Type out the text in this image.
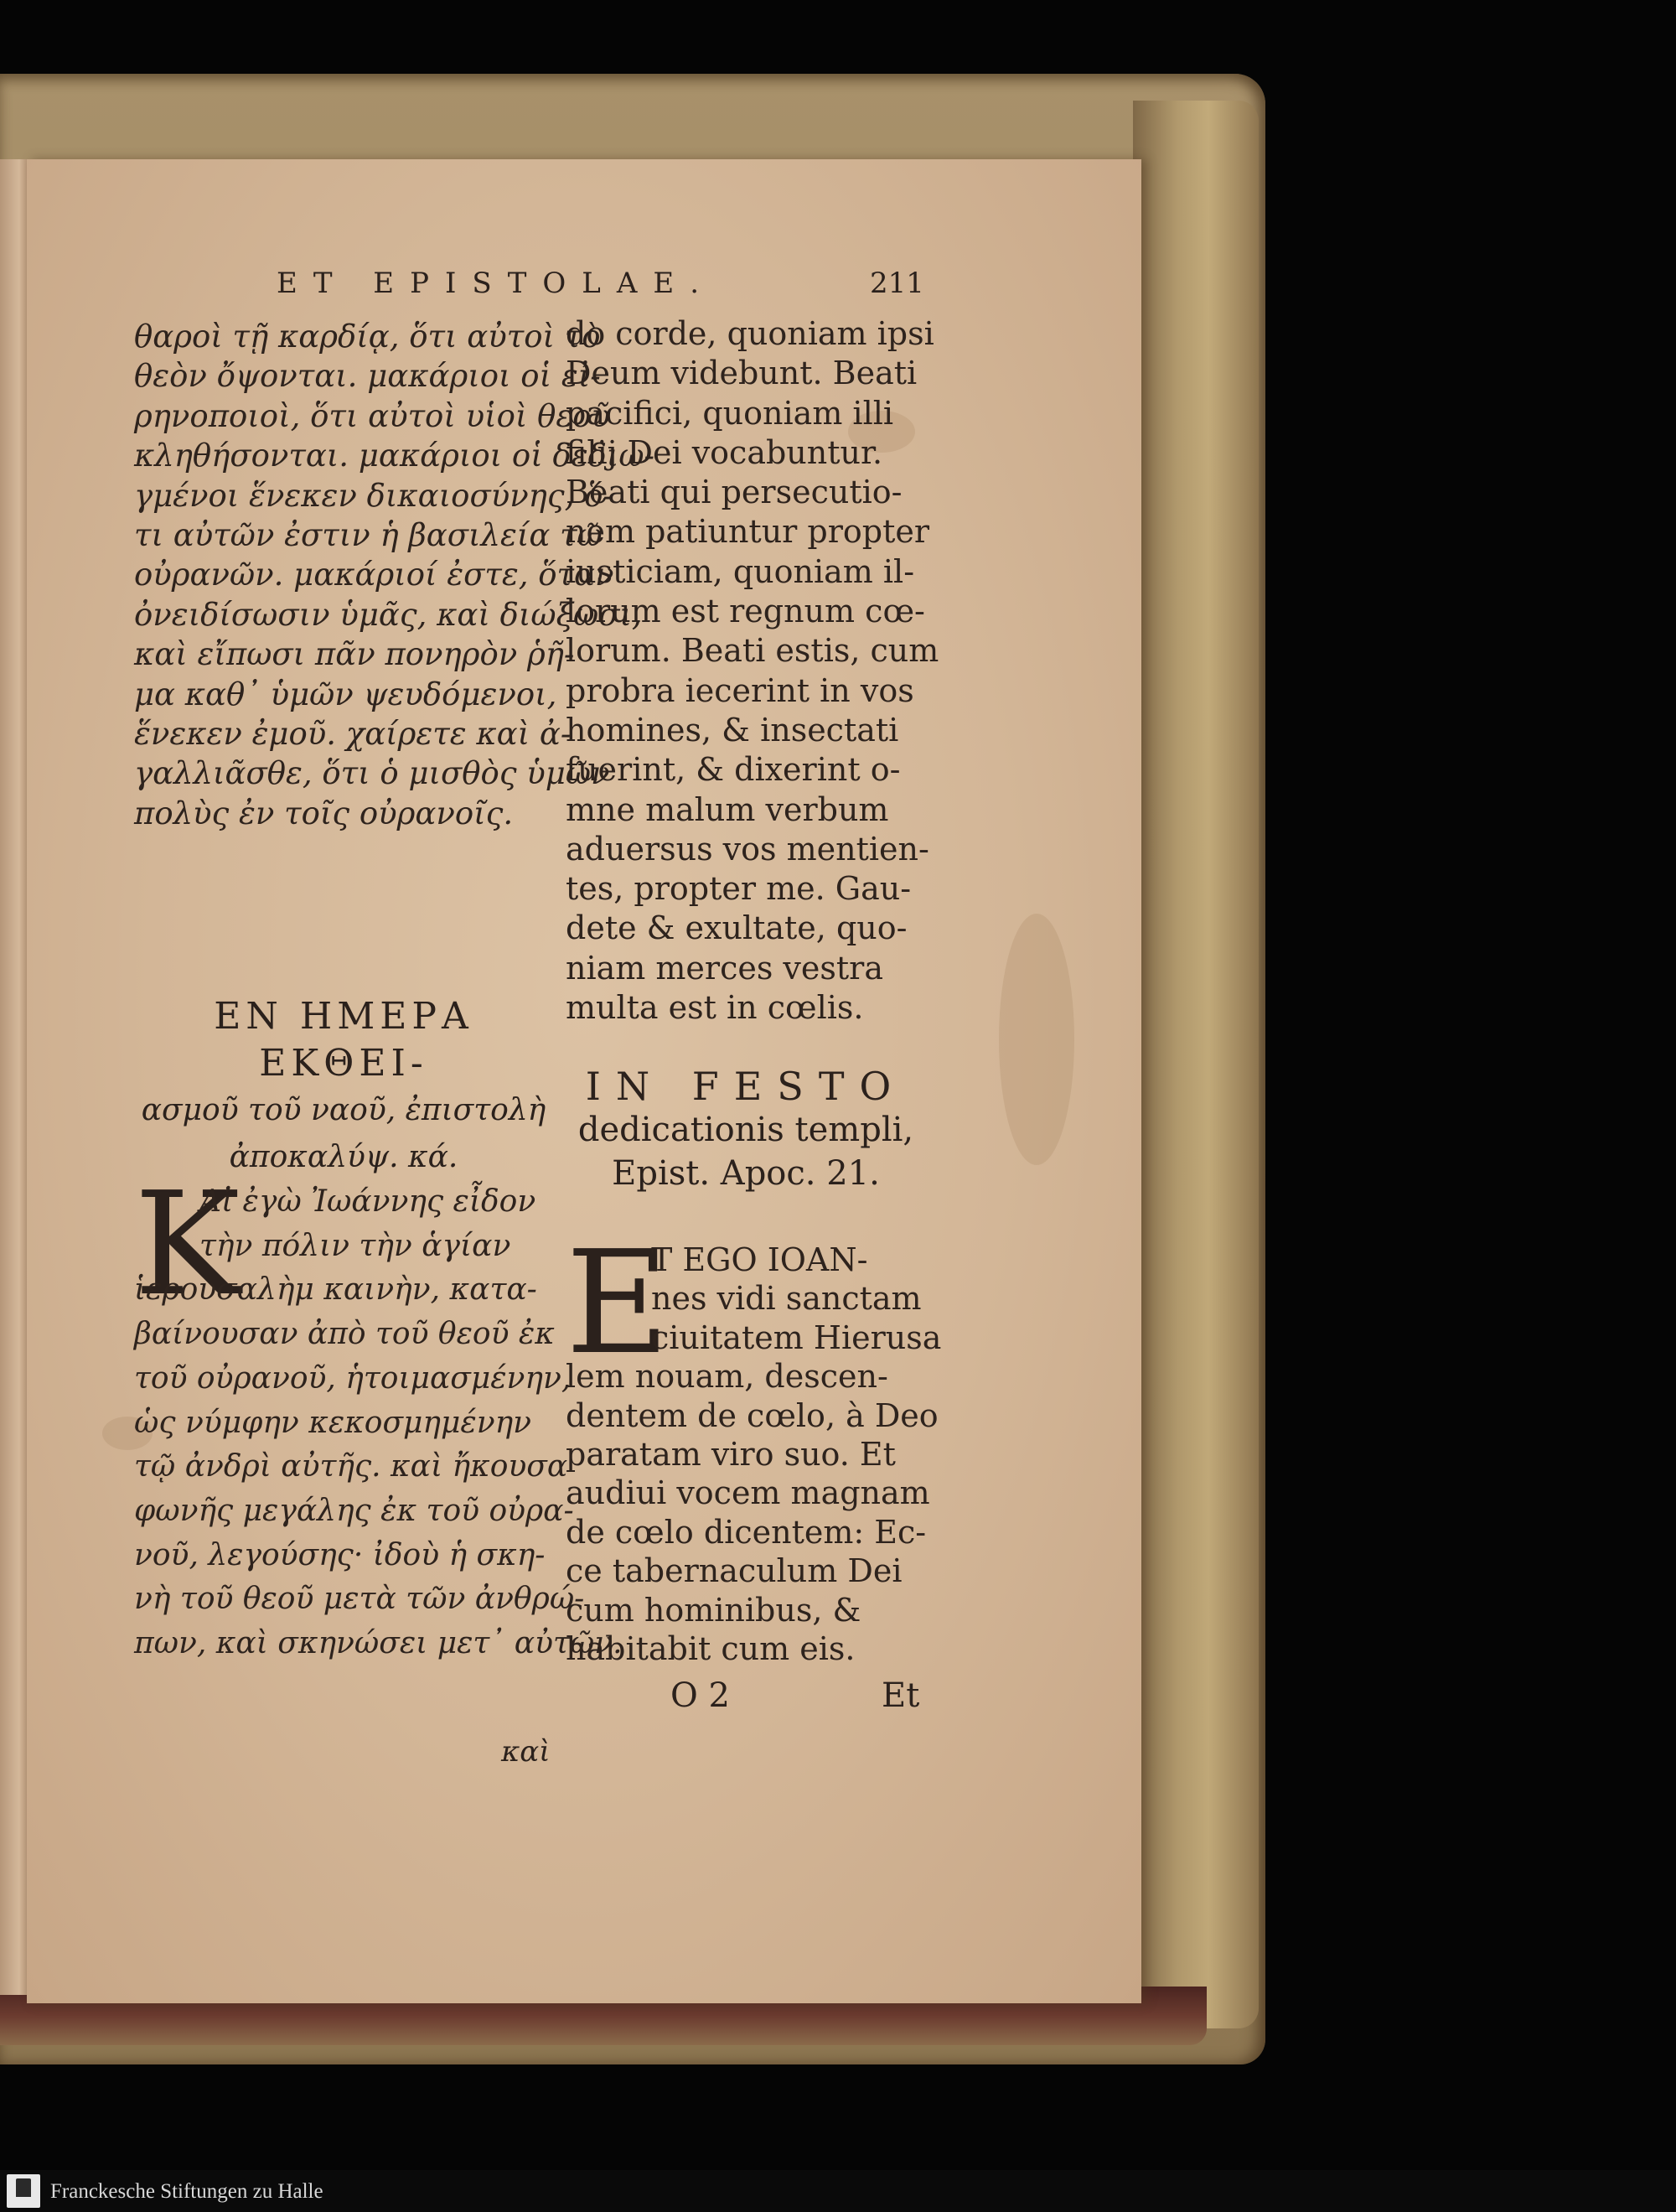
ET EPISTOLAE.	211
θαροὶ τῇ καρδίᾳ, ὅτι αὐτοὶ τὸ
θεὸν ὄψονται. μακάριοι οἱ εἰ-
ρηνοποιοὶ, ὅτι αὐτοὶ υἱοὶ θεοῦ
κληθήσονται. μακάριοι οἱ δεδιω-
γμένοι ἕνεκεν δικαιοσύνης, ὅ-
τι αὐτῶν ἐστιν ἡ βασιλεία τῶ
οὐρανῶν. μακάριοί ἐστε, ὅταν
ὀνειδίσωσιν ὑμᾶς, καὶ διώξωσι,
καὶ εἴπωσι πᾶν πονηρὸν ῥῆ-
μα καθ᾽ ὑμῶν ψευδόμενοι,
ἕνεκεν ἐμοῦ. χαίρετε καὶ ἀ-
γαλλιᾶσθε, ὅτι ὁ μισθὸς ὑμῶν
πολὺς ἐν τοῖς οὐρανοῖς.
do corde, quoniam ipsi
Deum videbunt. Beati
pacifici, quoniam illi
filij Dei vocabuntur.
Beati qui persecutio-
nem patiuntur propter
iusticiam, quoniam il-
lorum est regnum cœ-
lorum. Beati estis, cum
probra iecerint in vos
homines, & insectati
fuerint, & dixerint o-
mne malum verbum
aduersus vos mentien-
tes, propter me. Gau-
dete & exultate, quo-
niam merces vestra
multa est in cœlis.
ΕΝ ΗΜΕΡΑ ΕΚΘΕΙ-
ασμοῦ τοῦ ναοῦ, ἐπιστολὴ
ἀποκαλύψ. κά.
IN FESTO
dedicationis templi,
Epist. Apoc. 21.
K
Αἰ ἐγὼ Ἰωάννης εἶδον
τὴν πόλιν τὴν ἁγίαν
ἱερουσαλὴμ καινὴν, κατα-
βαίνουσαν ἀπὸ τοῦ θεοῦ ἐκ
τοῦ οὐρανοῦ, ἡτοιμασμένην,
ὡς νύμφην κεκοσμημένην
τῷ ἀνδρὶ αὐτῆς. καὶ ἤκουσα
φωνῆς μεγάλης ἐκ τοῦ οὐρα-
νοῦ, λεγούσης· ἰδοὺ ἡ σκη-
νὴ τοῦ θεοῦ μετὰ τῶν ἀνθρώ-
πων, καὶ σκηνώσει μετ᾽ αὐτῶν.
E
T EGO IOAN-
nes vidi sanctam
ciuitatem Hierusa
lem nouam, descen-
dentem de cœlo, à Deo
paratam viro suo. Et
audiui vocem magnam
de cœlo dicentem: Ec-
ce tabernaculum Dei
cum hominibus, &
habitabit cum eis.
O 2	Et
καὶ
Franckesche Stiftungen zu Halle
